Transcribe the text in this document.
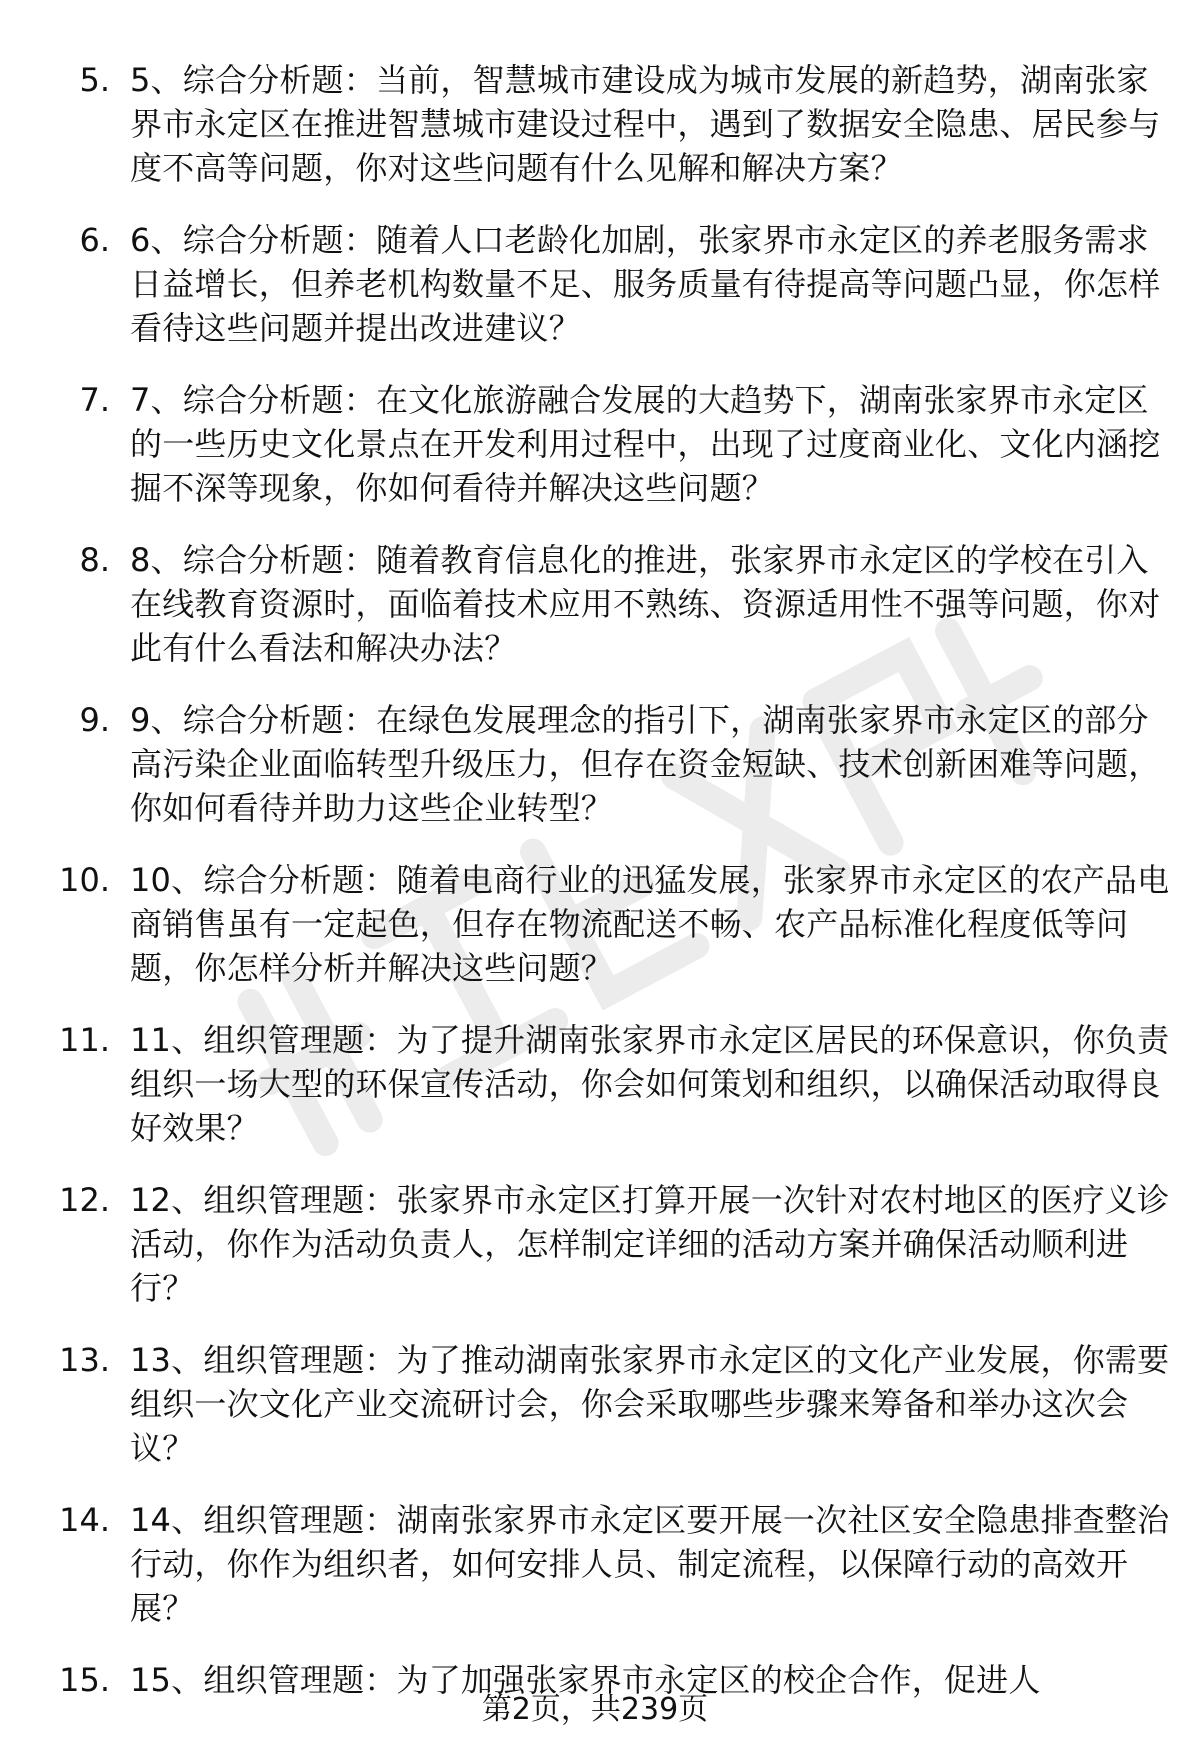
5. 5、综合分析题：当前，智慧城市建设成为城市发展的新趋势，湖南张家界市永定区在推进智慧城市建设过程中，遇到了数据安全隐患、居民参与度不高等问题，你对这些问题有什么见解和解决方案？
6. 6、综合分析题：随着人口老龄化加剧，张家界市永定区的养老服务需求日益增长，但养老机构数量不足、服务质量有待提高等问题凸显，你怎样看待这些问题并提出改进建议？
7. 7、综合分析题：在文化旅游融合发展的大趋势下，湖南张家界市永定区的一些历史文化景点在开发利用过程中，出现了过度商业化、文化内涵挖掘不深等现象，你如何看待并解决这些问题？
8. 8、综合分析题：随着教育信息化的推进，张家界市永定区的学校在引入在线教育资源时，面临着技术应用不熟练、资源适用性不强等问题，你对此有什么看法和解决办法？
9. 9、综合分析题：在绿色发展理念的指引下，湖南张家界市永定区的部分高污染企业面临转型升级压力，但存在资金短缺、技术创新困难等问题，你如何看待并助力这些企业转型？
10. 10、综合分析题：随着电商行业的迅猛发展，张家界市永定区的农产品电商销售虽有一定起色，但存在物流配送不畅、农产品标准化程度低等问题，你怎样分析并解决这些问题？
11. 11、组织管理题：为了提升湖南张家界市永定区居民的环保意识，你负责组织一场大型的环保宣传活动，你会如何策划和组织，以确保活动取得良好效果？
12. 12、组织管理题：张家界市永定区打算开展一次针对农村地区的医疗义诊活动，你作为活动负责人，怎样制定详细的活动方案并确保活动顺利进行？
13. 13、组织管理题：为了推动湖南张家界市永定区的文化产业发展，你需要组织一次文化产业交流研讨会，你会采取哪些步骤来筹备和举办这次会议？
14. 14、组织管理题：湖南张家界市永定区要开展一次社区安全隐患排查整治行动，你作为组织者，如何安排人员、制定流程，以保障行动的高效开展？
15. 15、组织管理题：为了加强张家界市永定区的校企合作，促进人
第2页，共239页
